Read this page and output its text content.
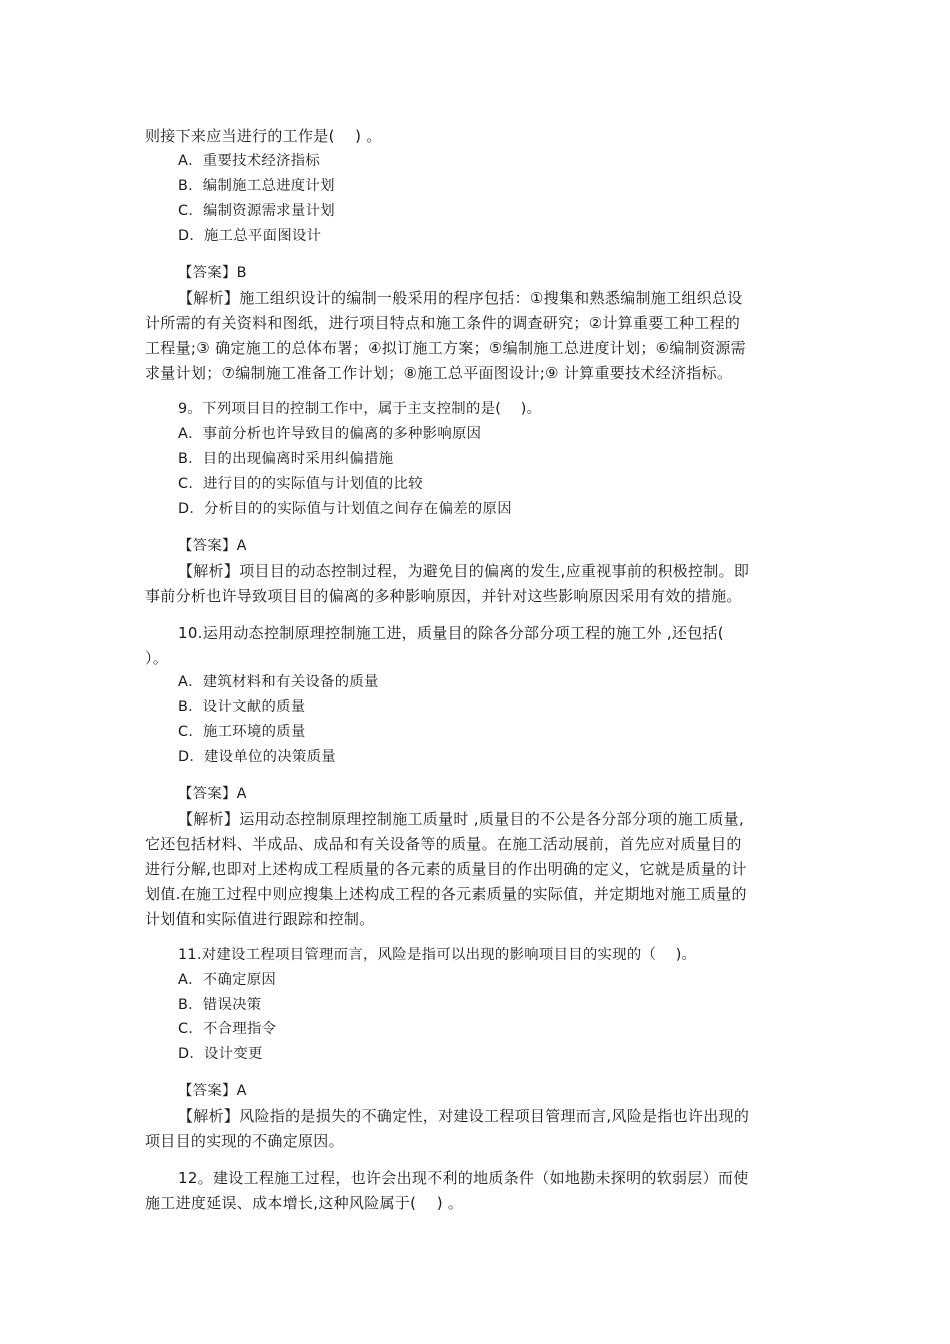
则接下来应当进行的工作是(　 ) 。
A．重要技术经济指标
B．编制施工总进度计划
C．编制资源需求量计划
D．施工总平面图设计
【答案】B
【解析】施工组织设计的编制一般采用的程序包括：①搜集和熟悉编制施工组织总设
计所需的有关资料和图纸，进行项目特点和施工条件的调查研究；②计算重要工种工程的
工程量;③ 确定施工的总体布署；④拟订施工方案；⑤编制施工总进度计划；⑥编制资源需
求量计划；⑦编制施工准备工作计划；⑧施工总平面图设计;⑨ 计算重要技术经济指标。
9。下列项目目的控制工作中，属于主支控制的是(　 )。
A．事前分析也许导致目的偏离的多种影响原因
B．目的出现偏离时采用纠偏措施
C．进行目的的实际值与计划值的比较
D．分析目的的实际值与计划值之间存在偏差的原因
【答案】A
【解析】项目目的动态控制过程，为避免目的偏离的发生,应重视事前的积极控制。即
事前分析也许导致项目目的偏离的多种影响原因，并针对这些影响原因采用有效的措施。
10.运用动态控制原理控制施工进，质量目的除各分部分项工程的施工外 ,还包括(
）。
A．建筑材料和有关设备的质量
B．设计文献的质量
C．施工环境的质量
D．建设单位的决策质量
【答案】A
【解析】运用动态控制原理控制施工质量时 ,质量目的不公是各分部分项的施工质量,
它还包括材料、半成品、成品和有关设备等的质量。在施工活动展前，首先应对质量目的
进行分解,也即对上述构成工程质量的各元素的质量目的作出明确的定义，它就是质量的计
划值.在施工过程中则应搜集上述构成工程的各元素质量的实际值，并定期地对施工质量的
计划值和实际值进行跟踪和控制。
11.对建设工程项目管理而言，风险是指可以出现的影响项目目的实现的（　 )。
A．不确定原因
B．错误决策
C．不合理指令
D．设计变更
【答案】A
【解析】风险指的是损失的不确定性，对建设工程项目管理而言,风险是指也许出现的
项目目的实现的不确定原因。
12。建设工程施工过程，也许会出现不利的地质条件（如地勘未探明的软弱层）而使
施工进度延误、成本增长,这种风险属于(　 ) 。
